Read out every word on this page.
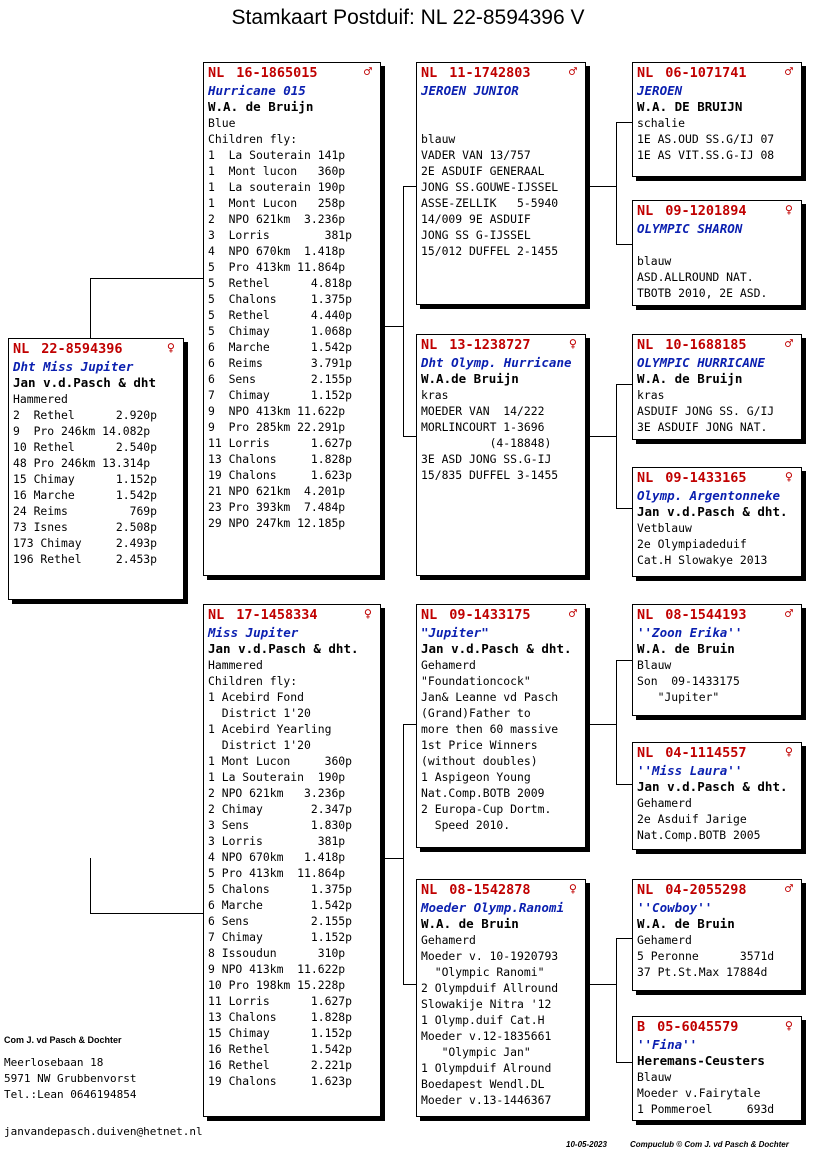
Stamkaart Postduif: NL 22-8594396 V
NL 22-8594396	♀
Dht Miss Jupiter
Jan v.d.Pasch & dht
Hammered
2  Rethel      2.920p
9  Pro 246km 14.082p
10 Rethel      2.540p
48 Pro 246km 13.314p
15 Chimay      1.152p
16 Marche      1.542p
24 Reims         769p
73 Isnes       2.508p
173 Chimay     2.493p
196 Rethel     2.453p
NL 16-1865015	♂
Hurricane 015
W.A. de Bruijn
Blue
Children fly:
1  La Souterain 141p
1  Mont lucon   360p
1  La souterain 190p
1  Mont Lucon   258p
2  NPO 621km  3.236p
3  Lorris        381p
4  NPO 670km  1.418p
5  Pro 413km 11.864p
5  Rethel      4.818p
5  Chalons     1.375p
5  Rethel      4.440p
5  Chimay      1.068p
6  Marche      1.542p
6  Reims       3.791p
6  Sens        2.155p
7  Chimay      1.152p
9  NPO 413km 11.622p
9  Pro 285km 22.291p
11 Lorris      1.627p
13 Chalons     1.828p
19 Chalons     1.623p
21 NPO 621km  4.201p
23 Pro 393km  7.484p
29 NPO 247km 12.185p
NL 17-1458334	♀
Miss Jupiter
Jan v.d.Pasch & dht.
Hammered
Children fly:
1 Acebird Fond
District 1'20
1 Acebird Yearling
District 1'20
1 Mont Lucon     360p
1 La Souterain  190p
2 NPO 621km   3.236p
2 Chimay       2.347p
3 Sens         1.830p
3 Lorris        381p
4 NPO 670km   1.418p
5 Pro 413km  11.864p
5 Chalons      1.375p
6 Marche       1.542p
6 Sens         2.155p
7 Chimay       1.152p
8 Issoudun      310p
9 NPO 413km  11.622p
10 Pro 198km 15.228p
11 Lorris      1.627p
13 Chalons     1.828p
15 Chimay      1.152p
16 Rethel      1.542p
16 Rethel      2.221p
19 Chalons     1.623p
NL 11-1742803	♂
JEROEN JUNIOR
blauw
VADER VAN 13/757
2E ASDUIF GENERAAL
JONG SS.GOUWE-IJSSEL
ASSE-ZELLIK   5-5940
14/009 9E ASDUIF
JONG SS G-IJSSEL
15/012 DUFFEL 2-1455
NL 13-1238727	♀
Dht Olymp. Hurricane
W.A.de Bruijn
kras
MOEDER VAN  14/222
MORLINCOURT 1-3696
(4-18848)
3E ASD JONG SS.G-IJ
15/835 DUFFEL 3-1455
NL 09-1433175	♂
"Jupiter"
Jan v.d.Pasch & dht.
Gehamerd
"Foundationcock"
Jan& Leanne vd Pasch
(Grand)Father to
more then 60 massive
1st Price Winners
(without doubles)
1 Aspigeon Young
Nat.Comp.BOTB 2009
2 Europa-Cup Dortm.
Speed 2010.
NL 08-1542878	♀
Moeder Olymp.Ranomi
W.A. de Bruin
Gehamerd
Moeder v. 10-1920793
"Olympic Ranomi"
2 Olympduif Allround
Slowakije Nitra '12
1 Olymp.duif Cat.H
Moeder v.12-1835661
"Olympic Jan"
1 Olympduif Alround
Boedapest Wendl.DL
Moeder v.13-1446367
NL 06-1071741	♂
JEROEN
W.A. DE BRUIJN
schalie
1E AS.OUD SS.G/IJ 07
1E AS VIT.SS.G-IJ 08
NL 09-1201894	♀
OLYMPIC SHARON
blauw
ASD.ALLROUND NAT.
TBOTB 2010, 2E ASD.
NL 10-1688185	♂
OLYMPIC HURRICANE
W.A. de Bruijn
kras
ASDUIF JONG SS. G/IJ
3E ASDUIF JONG NAT.
NL 09-1433165	♀
Olymp. Argentonneke
Jan v.d.Pasch & dht.
Vetblauw
2e Olympiadeduif
Cat.H Slowakye 2013
NL 08-1544193	♂
''Zoon Erika''
W.A. de Bruin
Blauw
Son  09-1433175
"Jupiter"
NL 04-1114557	♀
''Miss Laura''
Jan v.d.Pasch & dht.
Gehamerd
2e Asduif Jarige
Nat.Comp.BOTB 2005
NL 04-2055298	♂
''Cowboy''
W.A. de Bruin
Gehamerd
5 Peronne      3571d
37 Pt.St.Max 17884d
B 05-6045579	♀
''Fina''
Heremans-Ceusters
Blauw
Moeder v.Fairytale
1 Pommeroel     693d
Com J. vd Pasch & Dochter
Meerlosebaan 18
5971 NW Grubbenvorst
Tel.:Lean 0646194854
janvandepasch.duiven@hetnet.nl
10-05-2023	Compuclub © Com J. vd Pasch & Dochter
